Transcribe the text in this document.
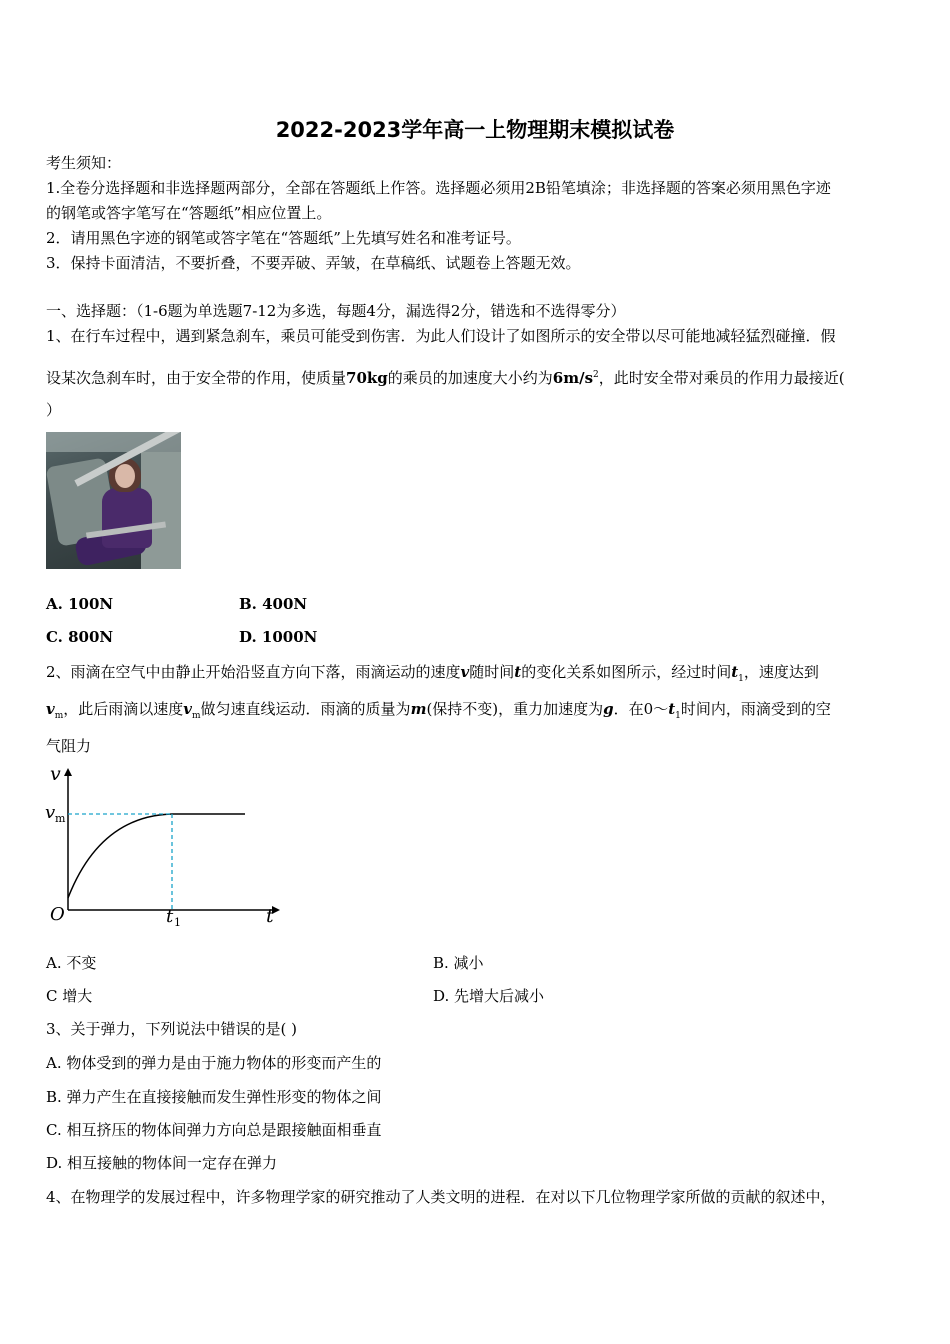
2022-2023学年高一上物理期末模拟试卷
考生须知：
1.全卷分选择题和非选择题两部分，全部在答题纸上作答。选择题必须用2B铅笔填涂；非选择题的答案必须用黑色字迹
的钢笔或答字笔写在“答题纸”相应位置上。
2．请用黑色字迹的钢笔或答字笔在“答题纸”上先填写姓名和准考证号。
3．保持卡面清洁，不要折叠，不要弄破、弄皱，在草稿纸、试题卷上答题无效。
一、选择题：（1-6题为单选题7-12为多选，每题4分，漏选得2分，错选和不选得零分）
1、在行车过程中，遇到紧急刹车，乘员可能受到伤害．为此人们设计了如图所示的安全带以尽可能地减轻猛烈碰撞．假
设某次急刹车时，由于安全带的作用，使质量70kg的乘员的加速度大小约为$6m/s^2$，此时安全带对乘员的作用力最接近(
）
A. 100N	B. 400N
C. 800N	D. 1000N
2、雨滴在空气中由静止开始沿竖直方向下落，雨滴运动的速度v随时间t的变化关系如图所示，经过时间$t_1$，速度达到
$v_m$，此后雨滴以速度$v_m$做匀速直线运动．雨滴的质量为m(保持不变)，重力加速度为g．在$0\sim t_1$时间内，雨滴受到的空
气阻力
v
v m
O	t 1	t
A. 不变	B. 减小
C 增大	D. 先增大后减小
3、关于弹力，下列说法中错误的是( )
A. 物体受到的弹力是由于施力物体的形变而产生的
B. 弹力产生在直接接触而发生弹性形变的物体之间
C. 相互挤压的物体间弹力方向总是跟接触面相垂直
D. 相互接触的物体间一定存在弹力
4、在物理学的发展过程中，许多物理学家的研究推动了人类文明的进程．在对以下几位物理学家所做的贡献的叙述中，
